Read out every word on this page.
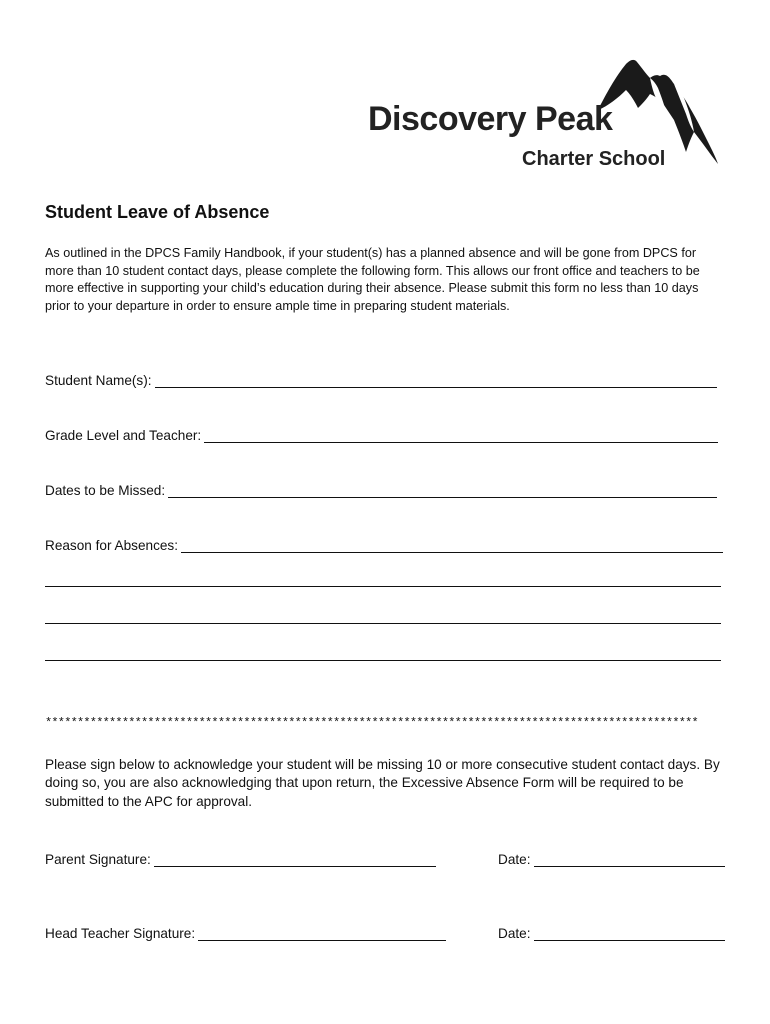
Discovery Peak
Charter School
Student Leave of Absence
As outlined in the DPCS Family Handbook, if your student(s) has a planned absence and will be gone from DPCS for more than 10 student contact days, please complete the following form. This allows our front office and teachers to be more effective in supporting your child’s education during their absence. Please submit this form no less than 10 days prior to your departure in order to ensure ample time in preparing student materials.
Student Name(s):
Grade Level and Teacher:
Dates to be Missed:
Reason for Absences:
******************************************************************************************************
Please sign below to acknowledge your student will be missing 10 or more consecutive student contact days. By doing so, you are also acknowledging that upon return, the Excessive Absence Form will be required to be submitted to the APC for approval.
Parent Signature:	Date:
Head Teacher Signature:	Date:
